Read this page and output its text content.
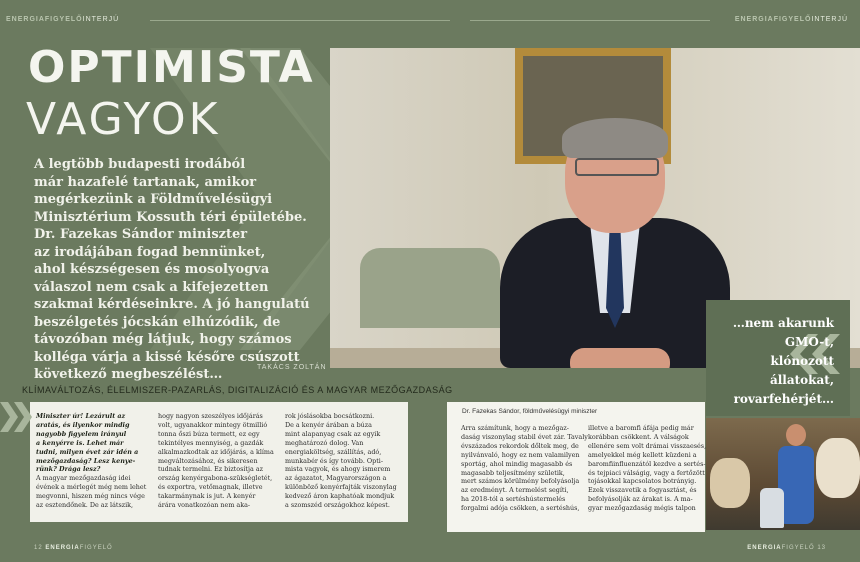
ENERGIAFIGYELŐINTERJÚ	ENERGIAFIGYELŐINTERJÚ
OPTIMISTA
VAGYOK
A legtöbb budapesti irodából
már hazafelé tartanak, amikor
megérkezünk a Földművelésügyi
Minisztérium Kossuth téri épületébe.
Dr. Fazekas Sándor miniszter
az irodájában fogad bennünket,
ahol készségesen és mosolyogva
válaszol nem csak a kifejezetten
szakmai kérdéseinkre. A jó hangulatú
beszélgetés jócskán elhúzódik, de
távozóban még látjuk, hogy számos
kolléga várja a kissé későre csúszott
következő megbeszélést…	TAKÁCS ZOLTÁN
…nem akarunk
GMO-t,
klónozott
állatokat,
rovarfehérjét…
KLÍMAVÁLTOZÁS, ÉLELMISZER-PAZARLÁS, DIGITALIZÁCIÓ ÉS A MAGYAR MEZŐGAZDASÁG
Miniszter úr! Lezárult az
aratás, és ilyenkor mindig
nagyobb figyelem irányul
a kenyérre is. Lehet már
tudni, milyen évet zár idén a
mezőgazdaság? Lesz kenye-
rünk? Drága lesz?
A magyar mezőgazdaság idei
évének a mérlegét még nem lehet
megvonni, hiszen még nincs vége
az esztendőnek. De az látszik,
hogy nagyon szeszélyes időjárás
volt, ugyanakkor mintegy ötmillió
tonna őszi búza termett, ez egy
tekintélyes mennyiség, a gazdák
alkalmazkodtak az időjárás, a klíma
megváltozásához, és sikeresen
tudnak termelni. Ez biztosítja az
ország kenyérgabona-szükségletét,
és exportra, vetőmagnak, illetve
takarmánynak is jut. A kenyér
árára vonatkozóan nem aka-
rok jóslásokba bocsátkozni.
De a kenyér árában a búza
mint alapanyag csak az egyik
meghatározó dolog. Van
energiaköltség, szállítás, adó,
munkabér és így tovább. Opti-
mista vagyok, és ahogy ismerem
az ágazatot, Magyarországon a
különböző kenyérfajták viszonylag
kedvező áron kaphatóak mondjuk
a szomszéd országokhoz képest.
Dr. Fazekas Sándor, földművelésügyi miniszter
Arra számítunk, hogy a mezőgaz-
daság viszonylag stabil évet zár. Tavaly
évszázados rekordok dőltek meg, de
nyilvánvaló, hogy ez nem valamilyen
sportág, ahol mindig magasabb és
magasabb teljesítmény születik,
mert számos körülmény befolyásolja
az eredményt. A termelést segíti,
ha 2018-tól a sertéshústermelés
forgalmi adója csökken, a sertéshús,
illetve a baromfi áfája pedig már
korábban csökkent. A válságok
ellenére sem volt drámai visszaesés,
amelyekkel még kellett küzdeni a
baromfiinfluenzától kezdve a sertés-
és tejpiaci válságig, vagy a fertőzött
tojásokkal kapcsolatos botrányig.
Ezek visszavetik a fogyasztást, és
befolyásolják az árakat is. A ma-
gyar mezőgazdaság mégis talpon
12 ENERGIAFIGYELŐ	ENERGIAFIGYELŐ 13
